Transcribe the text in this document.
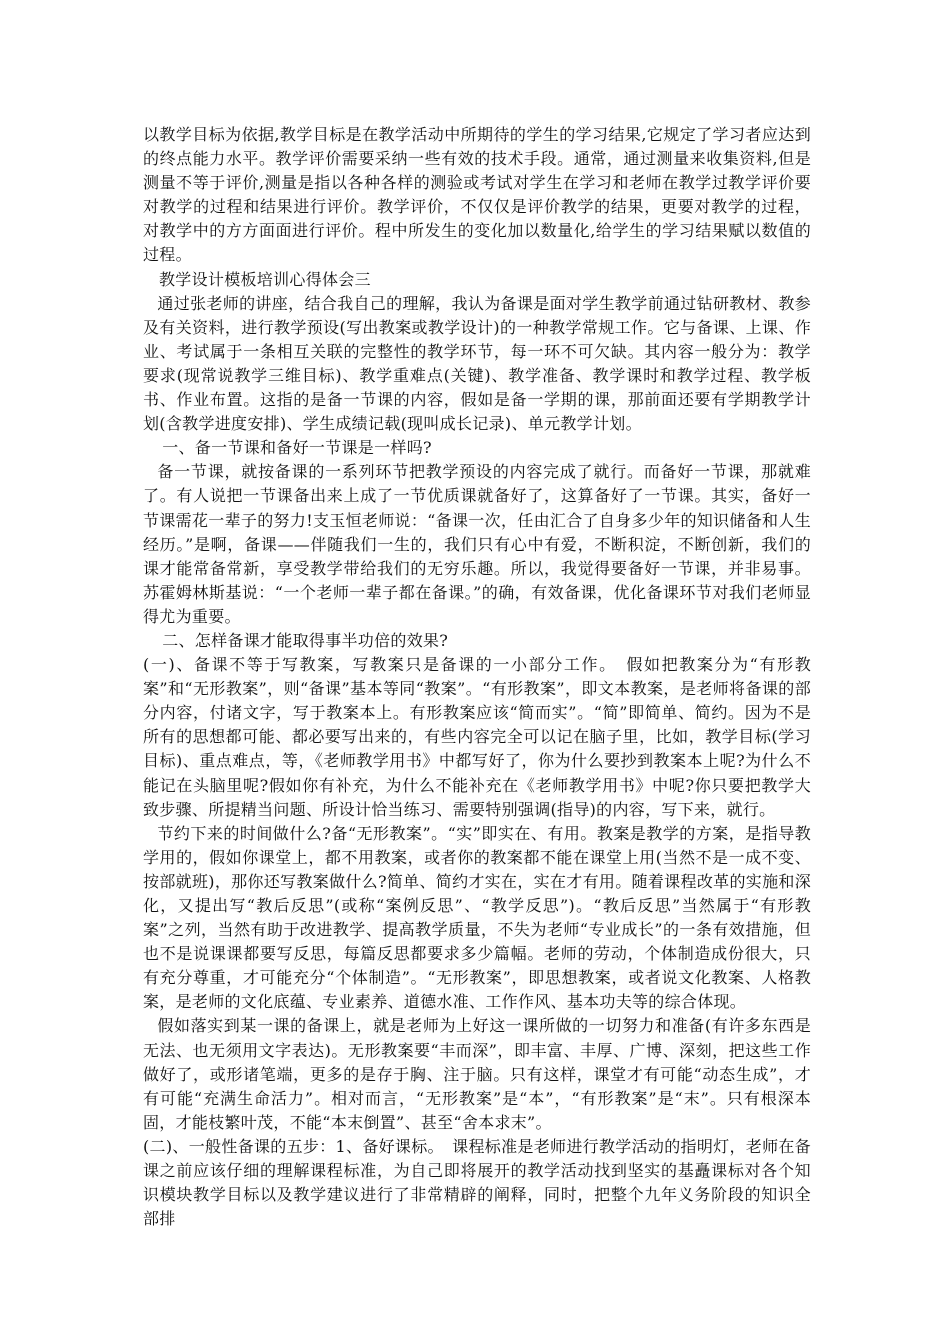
以教学目标为依据,教学目标是在教学活动中所期待的学生的学习结果,它规定了学习者应达到的终点能力水平。教学评价需要采纳一些有效的技术手段。通常，通过测量来收集资料,但是测量不等于评价,测量是指以各种各样的测验或考试对学生在学习和老师在教学过教学评价要对教学的过程和结果进行评价。教学评价，不仅仅是评价教学的结果，更要对教学的过程，对教学中的方方面面进行评价。程中所发生的变化加以数量化,给学生的学习结果赋以数值的过程。

教学设计模板培训心得体会三

通过张老师的讲座，结合我自己的理解，我认为备课是面对学生教学前通过钻研教材、教参及有关资料，进行教学预设(写出教案或教学设计)的一种教学常规工作。它与备课、上课、作业、考试属于一条相互关联的完整性的教学环节，每一环不可欠缺。其内容一般分为：教学要求(现常说教学三维目标)、教学重难点(关键)、教学准备、教学课时和教学过程、教学板书、作业布置。这指的是备一节课的内容，假如是备一学期的课，那前面还要有学期教学计划(含教学进度安排)、学生成绩记载(现叫成长记录)、单元教学计划。

一、备一节课和备好一节课是一样吗?

备一节课，就按备课的一系列环节把教学预设的内容完成了就行。而备好一节课，那就难了。有人说把一节课备出来上成了一节优质课就备好了，这算备好了一节课。其实，备好一节课需花一辈子的努力!支玉恒老师说：“备课一次，任由汇合了自身多少年的知识储备和人生经历。”是啊，备课——伴随我们一生的，我们只有心中有爱，不断积淀，不断创新，我们的课才能常备常新，享受教学带给我们的无穷乐趣。所以，我觉得要备好一节课，并非易事。苏霍姆林斯基说：“一个老师一辈子都在备课。”的确，有效备课，优化备课环节对我们老师显得尤为重要。

二、怎样备课才能取得事半功倍的效果?

(一)、备课不等于写教案，写教案只是备课的一小部分工作。　假如把教案分为“有形教案”和“无形教案”，则“备课”基本等同“教案”。“有形教案”，即文本教案，是老师将备课的部分内容，付诸文字，写于教案本上。有形教案应该“简而实”。“简”即简单、简约。因为不是所有的思想都可能、都必要写出来的，有些内容完全可以记在脑子里，比如，教学目标(学习目标)、重点难点，等，《老师教学用书》中都写好了，你为什么要抄到教案本上呢?为什么不能记在头脑里呢?假如你有补充，为什么不能补充在《老师教学用书》中呢?你只要把教学大致步骤、所提精当问题、所设计恰当练习、需要特别强调(指导)的内容，写下来，就行。

节约下来的时间做什么?备“无形教案”。“实”即实在、有用。教案是教学的方案，是指导教学用的，假如你课堂上，都不用教案，或者你的教案都不能在课堂上用(当然不是一成不变、按部就班)，那你还写教案做什么?简单、简约才实在，实在才有用。随着课程改革的实施和深化，又提出写“教后反思”(或称“案例反思”、“教学反思”)。“教后反思”当然属于“有形教案”之列，当然有助于改进教学、提高教学质量，不失为老师“专业成长”的一条有效措施，但也不是说课课都要写反思，每篇反思都要求多少篇幅。老师的劳动，个体制造成份很大，只有充分尊重，才可能充分“个体制造”。“无形教案”，即思想教案，或者说文化教案、人格教案，是老师的文化底蕴、专业素养、道德水准、工作作风、基本功夫等的综合体现。

假如落实到某一课的备课上，就是老师为上好这一课所做的一切努力和准备(有许多东西是无法、也无须用文字表达)。无形教案要“丰而深”，即丰富、丰厚、广博、深刻，把这些工作做好了，或形诸笔端，更多的是存于胸、注于脑。只有这样，课堂才有可能“动态生成”，才有可能“充满生命活力”。相对而言，“无形教案”是“本”，“有形教案”是“末”。只有根深本固，才能枝繁叶茂，不能“本末倒置”、甚至“舍本求末”。

(二)、一般性备课的五步：1、备好课标。　课程标准是老师进行教学活动的指明灯，老师在备课之前应该仔细的理解课程标准，为自己即将展开的教学活动找到坚实的基矗课标对各个知识模块教学目标以及教学建议进行了非常精辟的阐释，同时，把整个九年义务阶段的知识全部排
